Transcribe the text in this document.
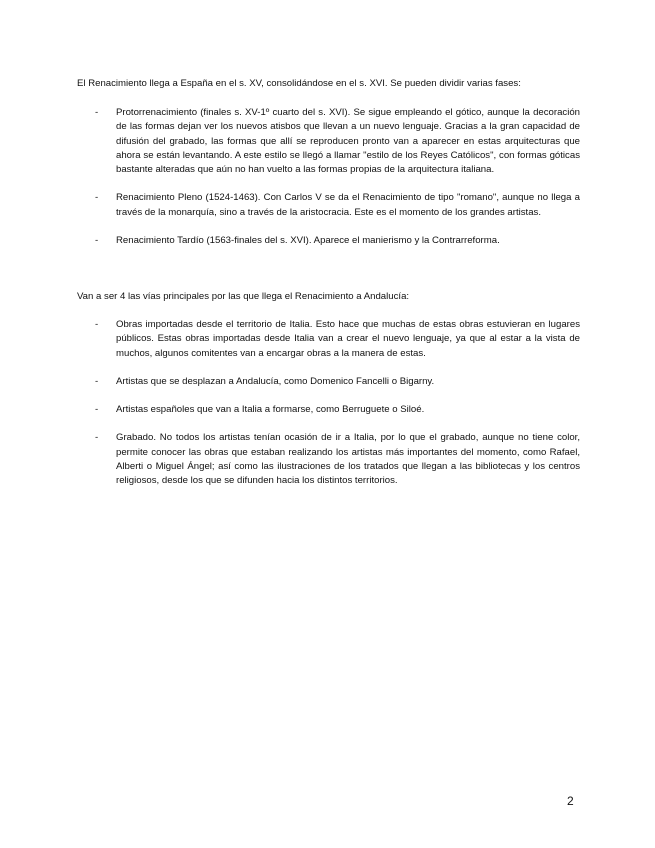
El Renacimiento llega a España en el s. XV, consolidándose en el s. XVI. Se pueden dividir varias fases:

- Protorrenacimiento (finales s. XV-1º cuarto del s. XVI). Se sigue empleando el gótico, aunque la decoración de las formas dejan ver los nuevos atisbos que llevan a un nuevo lenguaje. Gracias a la gran capacidad de difusión del grabado, las formas que allí se reproducen pronto van a aparecer en estas arquitecturas que ahora se están levantando. A este estilo se llegó a llamar "estilo de los Reyes Católicos", con formas góticas bastante alteradas que aún no han vuelto a las formas propias de la arquitectura italiana.
- Renacimiento Pleno (1524-1463). Con Carlos V se da el Renacimiento de tipo "romano", aunque no llega a través de la monarquía, sino a través de la aristocracia. Este es el momento de los grandes artistas.
- Renacimiento Tardío (1563-finales del s. XVI). Aparece el manierismo y la Contrarreforma.

Van a ser 4 las vías principales por las que llega el Renacimiento a Andalucía:

- Obras importadas desde el territorio de Italia. Esto hace que muchas de estas obras estuvieran en lugares públicos. Estas obras importadas desde Italia van a crear el nuevo lenguaje, ya que al estar a la vista de muchos, algunos comitentes van a encargar obras a la manera de estas.
- Artistas que se desplazan a Andalucía, como Domenico Fancelli o Bigarny.
- Artistas españoles que van a Italia a formarse, como Berruguete o Siloé.
- Grabado. No todos los artistas tenían ocasión de ir a Italia, por lo que el grabado, aunque no tiene color, permite conocer las obras que estaban realizando los artistas más importantes del momento, como Rafael, Alberti o Miguel Ángel; así como las ilustraciones de los tratados que llegan a las bibliotecas y los centros religiosos, desde los que se difunden hacia los distintos territorios.
2
